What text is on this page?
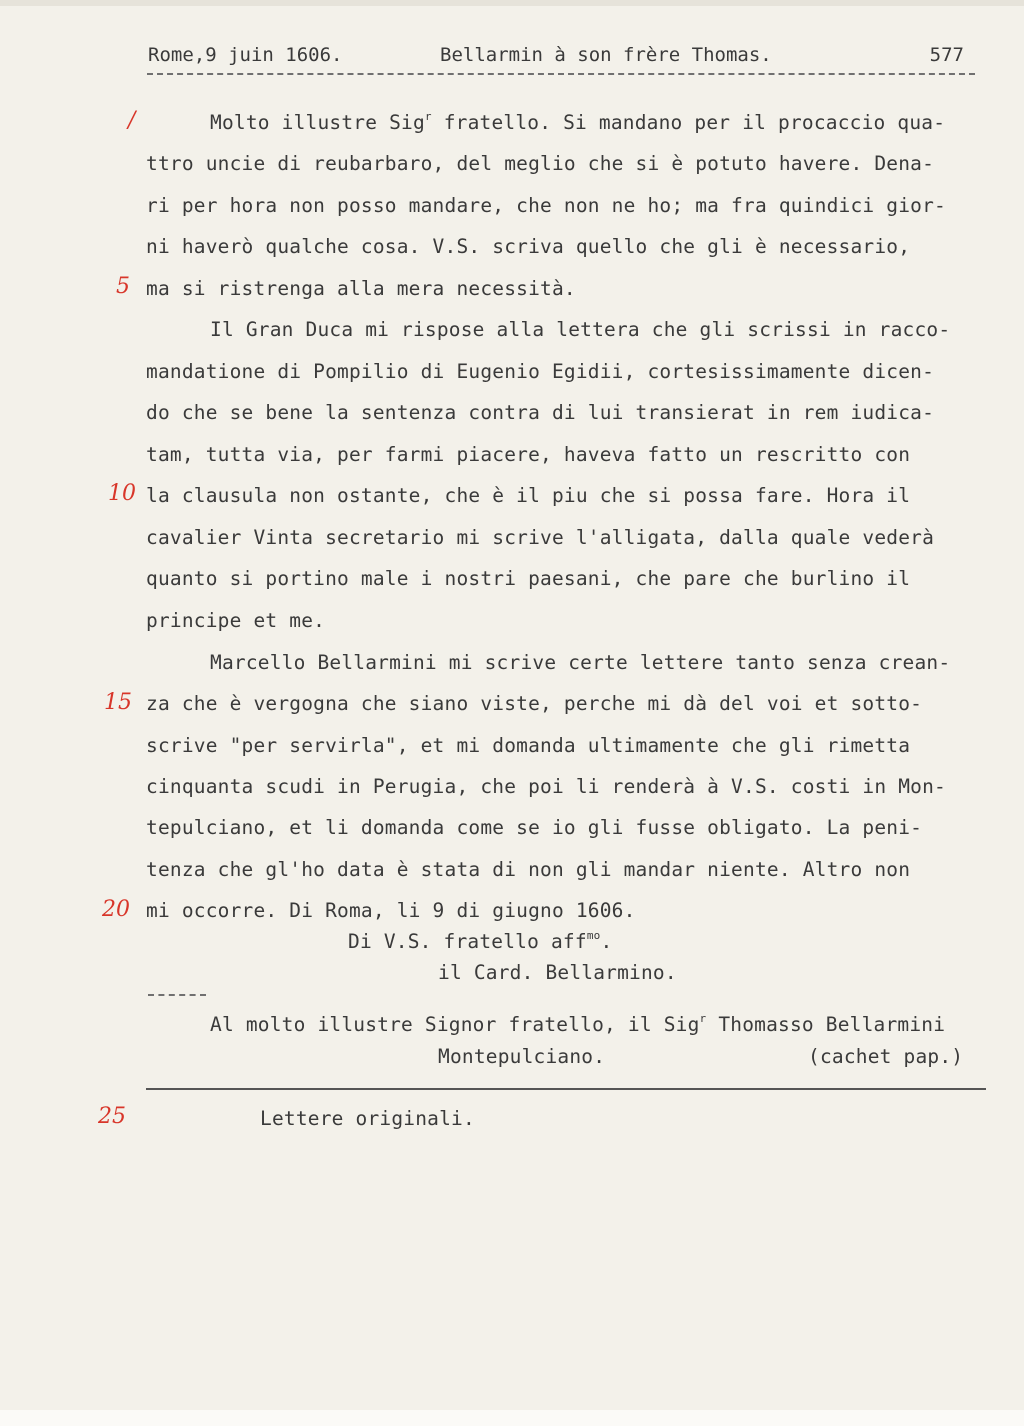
Rome,9 juin 1606.	Bellarmin à son frère Thomas.	577
/
5
10
15
20
25
Molto illustre Sig$^r$ fratello. Si mandano per il procaccio qua-
ttro uncie di reubarbaro, del meglio che si è potuto havere. Dena-
ri per hora non posso mandare, che non ne ho; ma fra quindici gior-
ni haverò qualche cosa. V.S. scriva quello che gli è necessario,
ma si ristrenga alla mera necessità.
Il Gran Duca mi rispose alla lettera che gli scrissi in racco-
mandatione di Pompilio di Eugenio Egidii, cortesissimamente dicen-
do che se bene la sentenza contra di lui transierat in rem iudica-
tam, tutta via, per farmi piacere, haveva fatto un rescritto con
la clausula non ostante, che è il piu che si possa fare. Hora il
cavalier Vinta secretario mi scrive l'alligata, dalla quale vederà
quanto si portino male i nostri paesani, che pare che burlino il
principe et me.
Marcello Bellarmini mi scrive certe lettere tanto senza crean-
za che è vergogna che siano viste, perche mi dà del voi et sotto-
scrive "per servirla", et mi domanda ultimamente che gli rimetta
cinquanta scudi in Perugia, che poi li renderà à V.S. costi in Mon-
tepulciano, et li domanda come se io gli fusse obligato. La peni-
tenza che gl'ho data è stata di non gli mandar niente. Altro non
mi occorre. Di Roma, li 9 di giugno 1606.
Di V.S. fratello aff$^{mo}$.
il Card. Bellarmino.
Al molto illustre Signor fratello, il Sig$^r$ Thomasso Bellarmini
Montepulciano.	(cachet pap.)
Lettere originali.
